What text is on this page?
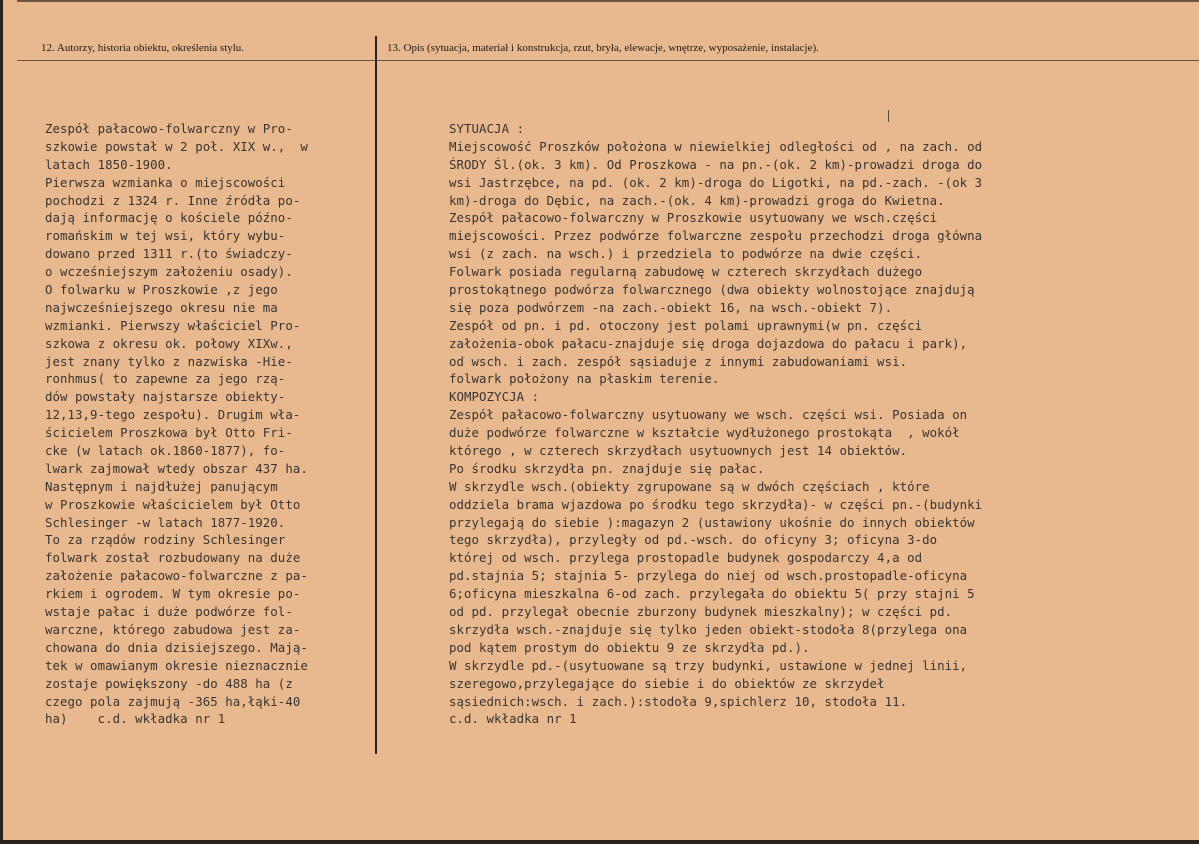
12. Autorzy, historia obiektu, określenia stylu.	13. Opis (sytuacja, materiał i konstrukcja, rzut, bryła, elewacje, wnętrze, wyposażenie, instalacje).
Zespół pałacowo-folwarczny w Pro-
szkowie powstał w 2 poł. XIX w.,  w
latach 1850-1900.
Pierwsza wzmianka o miejscowości
pochodzi z 1324 r. Inne źródła po-
dają informację o kościele późno-
romańskim w tej wsi, który wybu-
dowano przed 1311 r.(to świadczy-
o wcześniejszym założeniu osady).
O folwarku w Proszkowie ,z jego
najwcześniejszego okresu nie ma
wzmianki. Pierwszy właściciel Pro-
szkowa z okresu ok. połowy XIXw.,
jest znany tylko z nazwiska -Hie-
ronhmus( to zapewne za jego rzą-
dów powstały najstarsze obiekty-
12,13,9-tego zespołu). Drugim wła-
ścicielem Proszkowa był Otto Fri-
cke (w latach ok.1860-1877), fo-
lwark zajmował wtedy obszar 437 ha.
Następnym i najdłużej panującym
w Proszkowie właścicielem był Otto
Schlesinger -w latach 1877-1920.
To za rządów rodziny Schlesinger
folwark został rozbudowany na duże
założenie pałacowo-folwarczne z pa-
rkiem i ogrodem. W tym okresie po-
wstaje pałac i duże podwórze fol-
warczne, którego zabudowa jest za-
chowana do dnia dzisiejszego. Mają-
tek w omawianym okresie nieznacznie
zostaje powiększony -do 488 ha (z
czego pola zajmują -365 ha,łąki-40
ha)    c.d. wkładka nr 1
SYTUACJA :
Miejscowość Proszków położona w niewielkiej odległości od , na zach. od
ŚRODY Śl.(ok. 3 km). Od Proszkowa - na pn.-(ok. 2 km)-prowadzi droga do
wsi Jastrzębce, na pd. (ok. 2 km)-droga do Ligotki, na pd.-zach. -(ok 3
km)-droga do Dębic, na zach.-(ok. 4 km)-prowadzi groga do Kwietna.
Zespół pałacowo-folwarczny w Proszkowie usytuowany we wsch.części
miejscowości. Przez podwórze folwarczne zespołu przechodzi droga główna
wsi (z zach. na wsch.) i przedziela to podwórze na dwie części.
Folwark posiada regularną zabudowę w czterech skrzydłach dużego
prostokątnego podwórza folwarcznego (dwa obiekty wolnostojące znajdują
się poza podwórzem -na zach.-obiekt 16, na wsch.-obiekt 7).
Zespół od pn. i pd. otoczony jest polami uprawnymi(w pn. części
założenia-obok pałacu-znajduje się droga dojazdowa do pałacu i park),
od wsch. i zach. zespół sąsiaduje z innymi zabudowaniami wsi.
folwark położony na płaskim terenie.
KOMPOZYCJA :
Zespół pałacowo-folwarczny usytuowany we wsch. części wsi. Posiada on
duże podwórze folwarczne w kształcie wydłużonego prostokąta  , wokół
którego , w czterech skrzydłach usytuownych jest 14 obiektów.
Po środku skrzydła pn. znajduje się pałac.
W skrzydle wsch.(obiekty zgrupowane są w dwóch częściach , które
oddziela brama wjazdowa po środku tego skrzydła)- w części pn.-(budynki
przylegają do siebie ):magazyn 2 (ustawiony ukośnie do innych obiektów
tego skrzydła), przyległy od pd.-wsch. do oficyny 3; oficyna 3-do
której od wsch. przylega prostopadle budynek gospodarczy 4,a od
pd.stajnia 5; stajnia 5- przylega do niej od wsch.prostopadle-oficyna
6;oficyna mieszkalna 6-od zach. przylegała do obiektu 5( przy stajni 5
od pd. przylegał obecnie zburzony budynek mieszkalny); w części pd.
skrzydła wsch.-znajduje się tylko jeden obiekt-stodoła 8(przylega ona
pod kątem prostym do obiektu 9 ze skrzydła pd.).
W skrzydle pd.-(usytuowane są trzy budynki, ustawione w jednej linii,
szeregowo,przylegające do siebie i do obiektów ze skrzydeł
sąsiednich:wsch. i zach.):stodoła 9,spichlerz 10, stodoła 11.
c.d. wkładka nr 1
